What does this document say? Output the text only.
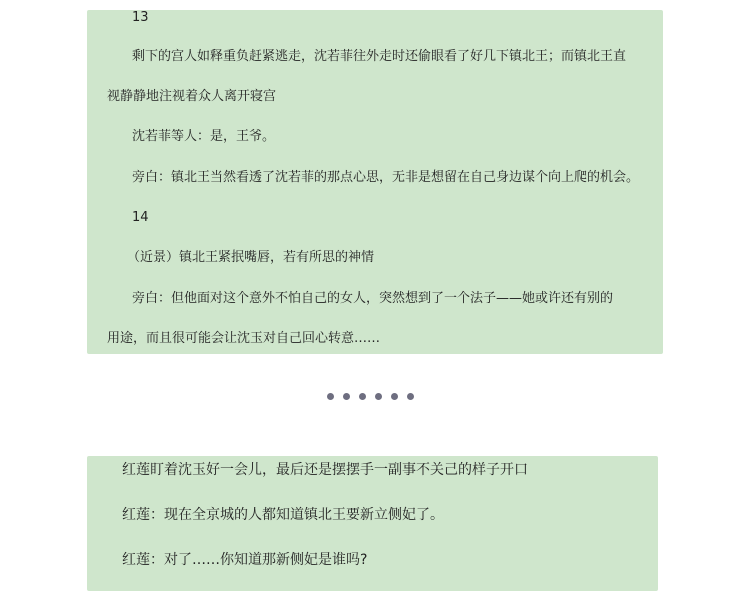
13
剩下的宫人如释重负赶紧逃走，沈若菲往外走时还偷眼看了好几下镇北王；而镇北王直
视静静地注视着众人离开寝宫
沈若菲等人：是，王爷。
旁白：镇北王当然看透了沈若菲的那点心思，无非是想留在自己身边谋个向上爬的机会。
14
（近景）镇北王紧抿嘴唇，若有所思的神情
旁白：但他面对这个意外不怕自己的女人，突然想到了一个法子——她或许还有别的
用途，而且很可能会让沈玉对自己回心转意……
红莲盯着沈玉好一会儿，最后还是摆摆手一副事不关己的样子开口
红莲：现在全京城的人都知道镇北王要新立侧妃了。
红莲：对了……你知道那新侧妃是谁吗?
